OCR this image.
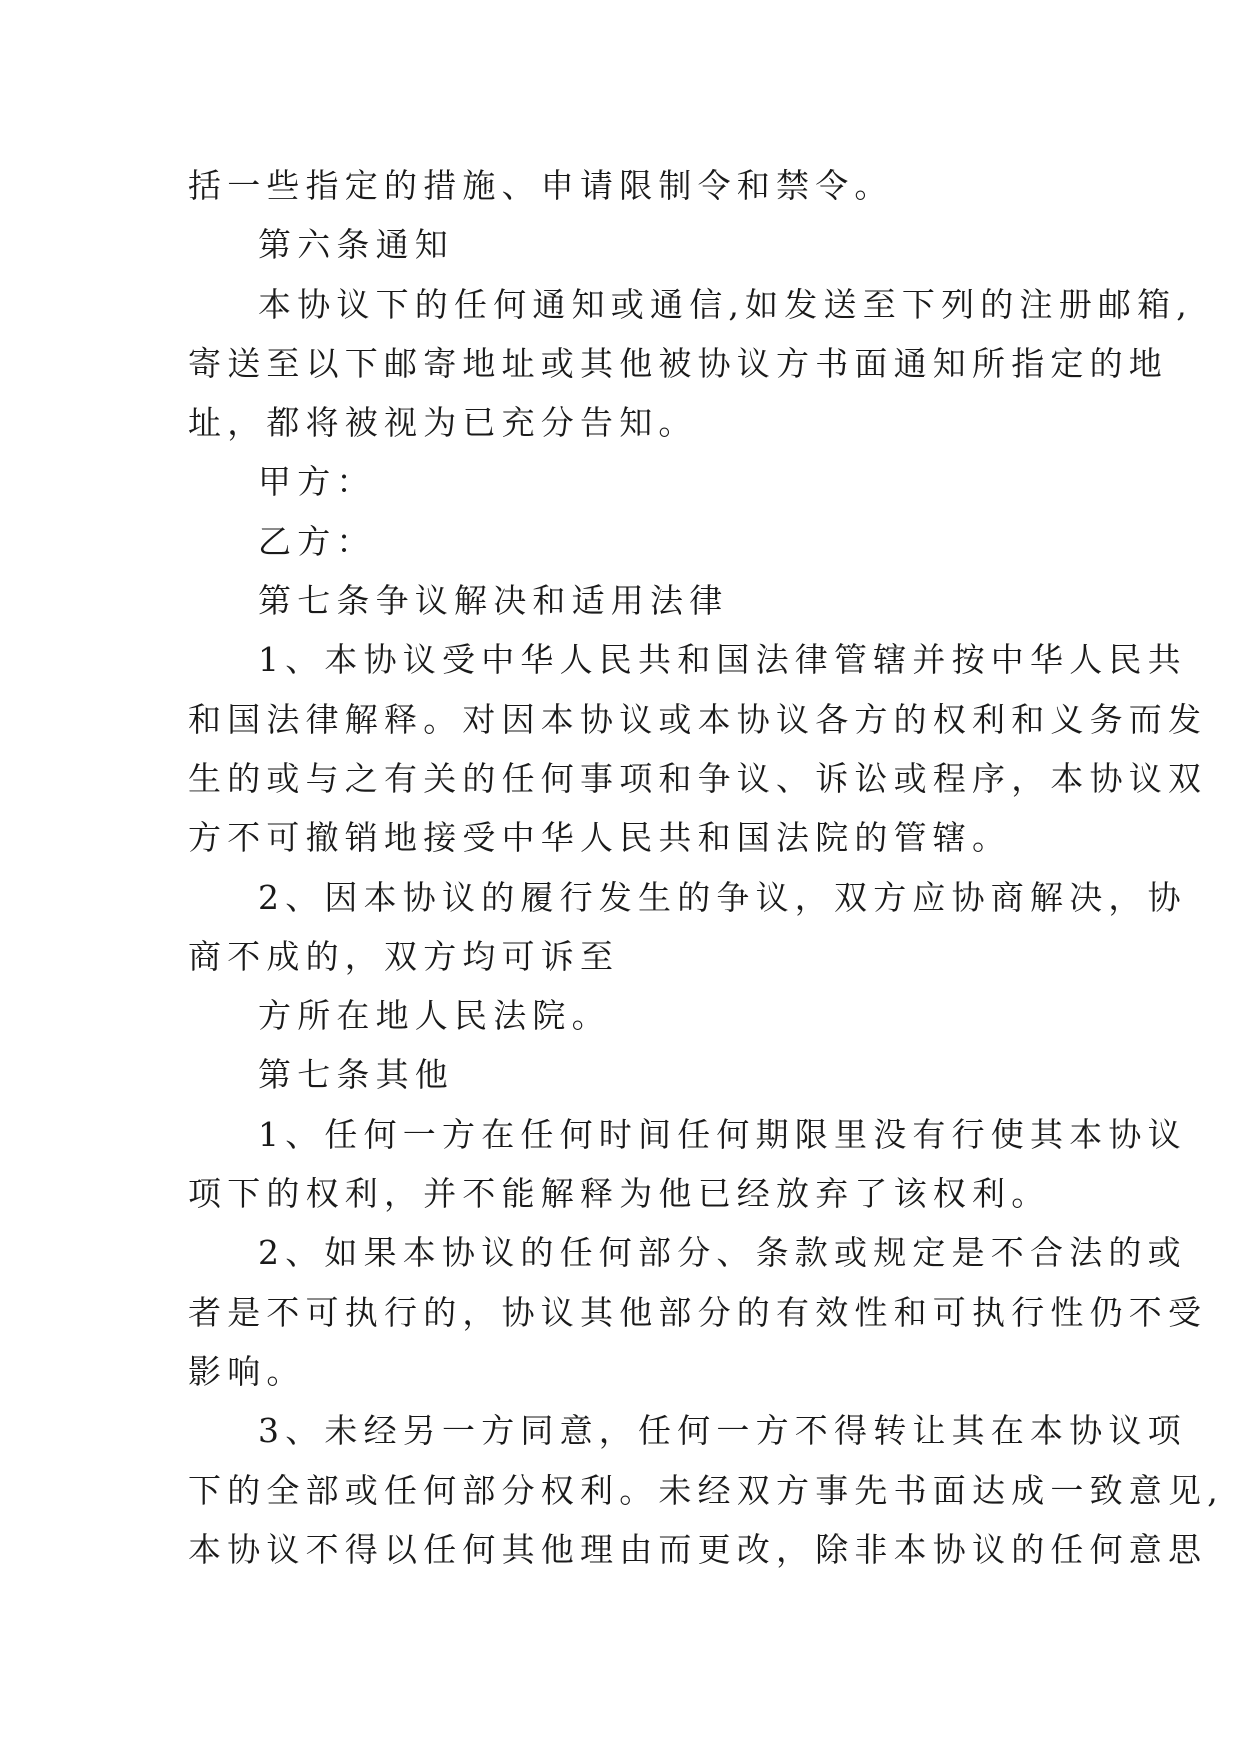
括一些指定的措施、申请限制令和禁令。
第六条通知
本协议下的任何通知或通信,如发送至下列的注册邮箱,
寄送至以下邮寄地址或其他被协议方书面通知所指定的地
址，都将被视为已充分告知。
甲方：
乙方：
第七条争议解决和适用法律
1、本协议受中华人民共和国法律管辖并按中华人民共
和国法律解释。对因本协议或本协议各方的权利和义务而发
生的或与之有关的任何事项和争议、诉讼或程序，本协议双
方不可撤销地接受中华人民共和国法院的管辖。
2、因本协议的履行发生的争议，双方应协商解决，协
商不成的，双方均可诉至
方所在地人民法院。
第七条其他
1、任何一方在任何时间任何期限里没有行使其本协议
项下的权利，并不能解释为他已经放弃了该权利。
2、如果本协议的任何部分、条款或规定是不合法的或
者是不可执行的，协议其他部分的有效性和可执行性仍不受
影响。
3、未经另一方同意，任何一方不得转让其在本协议项
下的全部或任何部分权利。未经双方事先书面达成一致意见,
本协议不得以任何其他理由而更改，除非本协议的任何意思
